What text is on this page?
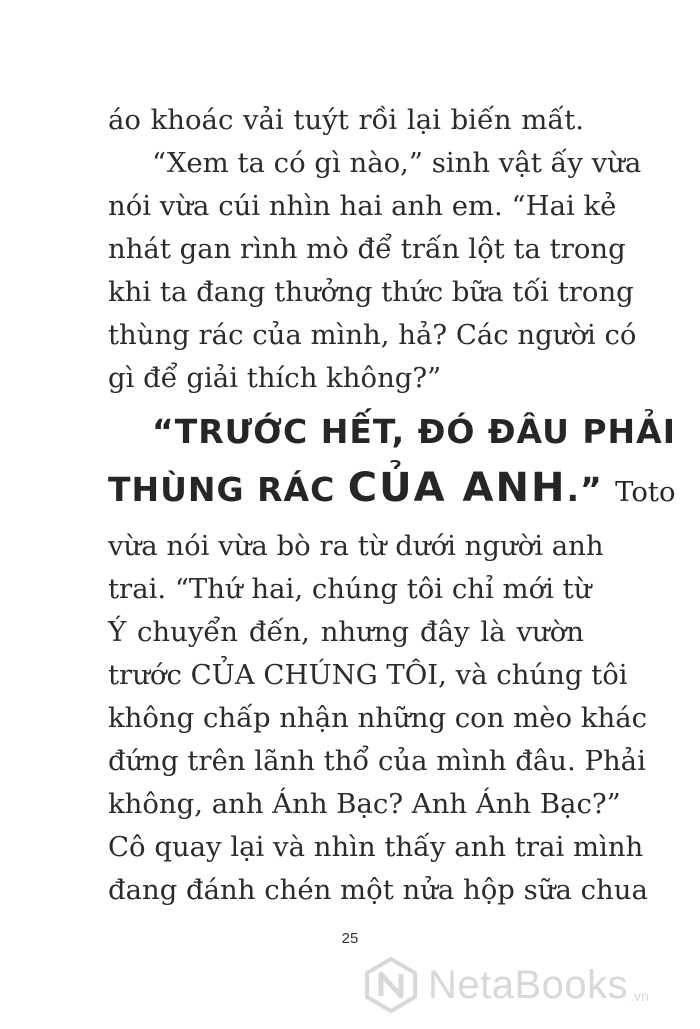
áo khoác vải tuýt rồi lại biến mất.
“Xem ta có gì nào,” sinh vật ấy vừa
nói vừa cúi nhìn hai anh em. “Hai kẻ
nhát gan rình mò để trấn lột ta trong
khi ta đang thưởng thức bữa tối trong
thùng rác của mình, hả? Các người có
gì để giải thích không?”
“TRƯỚC HẾT, ĐÓ ĐÂU PHẢI
THÙNG RÁC CỦA ANH.” Toto
vừa nói vừa bò ra từ dưới người anh
trai. “Thứ hai, chúng tôi chỉ mới từ
Ý chuyển đến, nhưng đây là vườn
trước CỦA CHÚNG TÔI, và chúng tôi
không chấp nhận những con mèo khác
đứng trên lãnh thổ của mình đâu. Phải
không, anh Ánh Bạc? Anh Ánh Bạc?”
Cô quay lại và nhìn thấy anh trai mình
đang đánh chén một nửa hộp sữa chua
25
NetaBooks .vn
